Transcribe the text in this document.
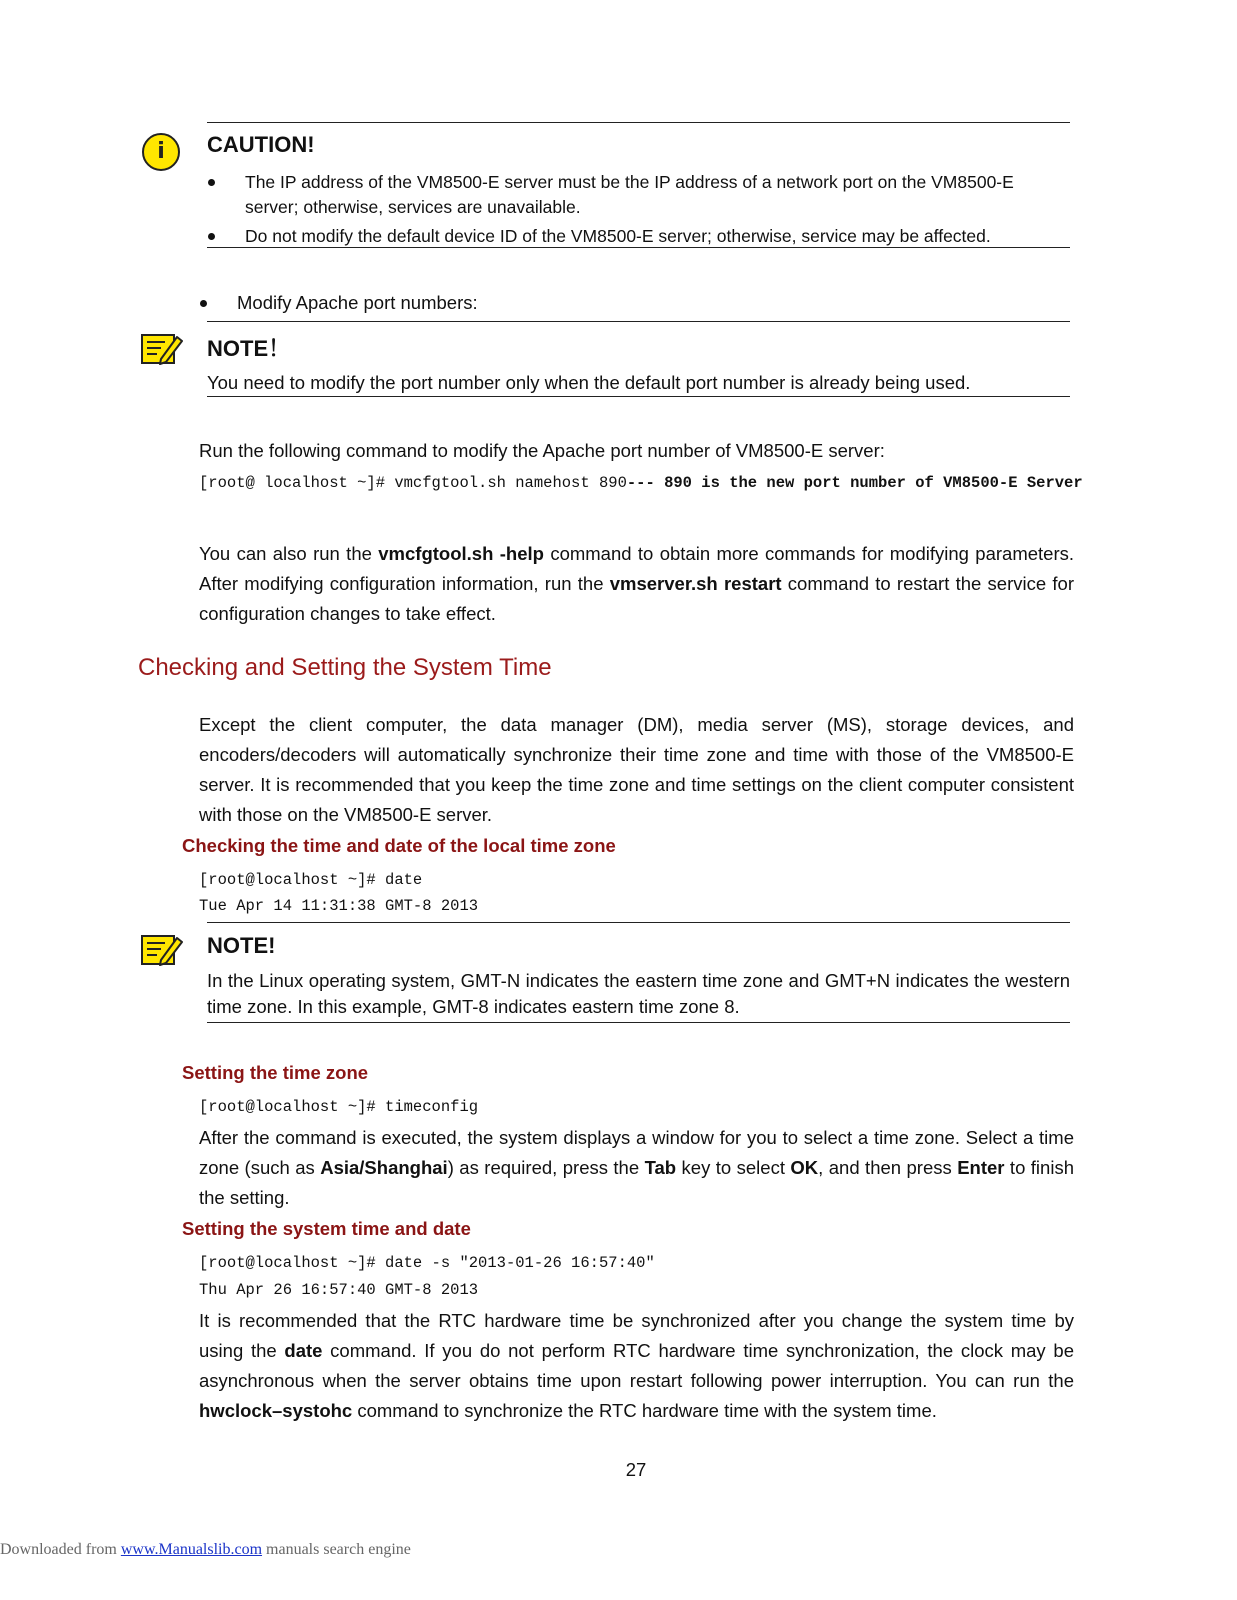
i	CAUTION!
The IP address of the VM8500-E server must be the IP address of a network port on the VM8500-E
server; otherwise, services are unavailable.
Do not modify the default device ID of the VM8500-E server; otherwise, service may be affected.
Modify Apache port numbers:
NOTE！
You need to modify the port number only when the default port number is already being used.
Run the following command to modify the Apache port number of VM8500-E server:
[root@ localhost ~]# vmcfgtool.sh namehost 890--- 890 is the new port number of VM8500-E Server
You can also run the vmcfgtool.sh -help command to obtain more commands for modifying parameters. After modifying configuration information, run the vmserver.sh restart command to restart the service for configuration changes to take effect.
Checking and Setting the System Time
Except the client computer, the data manager (DM), media server (MS), storage devices, and encoders/decoders will automatically synchronize their time zone and time with those of the VM8500-E server. It is recommended that you keep the time zone and time settings on the client computer consistent with those on the VM8500-E server.
Checking the time and date of the local time zone
[root@localhost ~]# date
Tue Apr 14 11:31:38 GMT-8 2013
NOTE!
In the Linux operating system, GMT-N indicates the eastern time zone and GMT+N indicates the western time zone. In this example, GMT-8 indicates eastern time zone 8.
Setting the time zone
[root@localhost ~]# timeconfig
After the command is executed, the system displays a window for you to select a time zone. Select a time zone (such as Asia/Shanghai) as required, press the Tab key to select OK, and then press Enter to finish the setting.
Setting the system time and date
[root@localhost ~]# date -s "2013-01-26 16:57:40"
Thu Apr 26 16:57:40 GMT-8 2013
It is recommended that the RTC hardware time be synchronized after you change the system time by using the date command. If you do not perform RTC hardware time synchronization, the clock may be asynchronous when the server obtains time upon restart following power interruption. You can run the hwclock–systohc command to synchronize the RTC hardware time with the system time.
27
Downloaded from www.Manualslib.com manuals search engine
